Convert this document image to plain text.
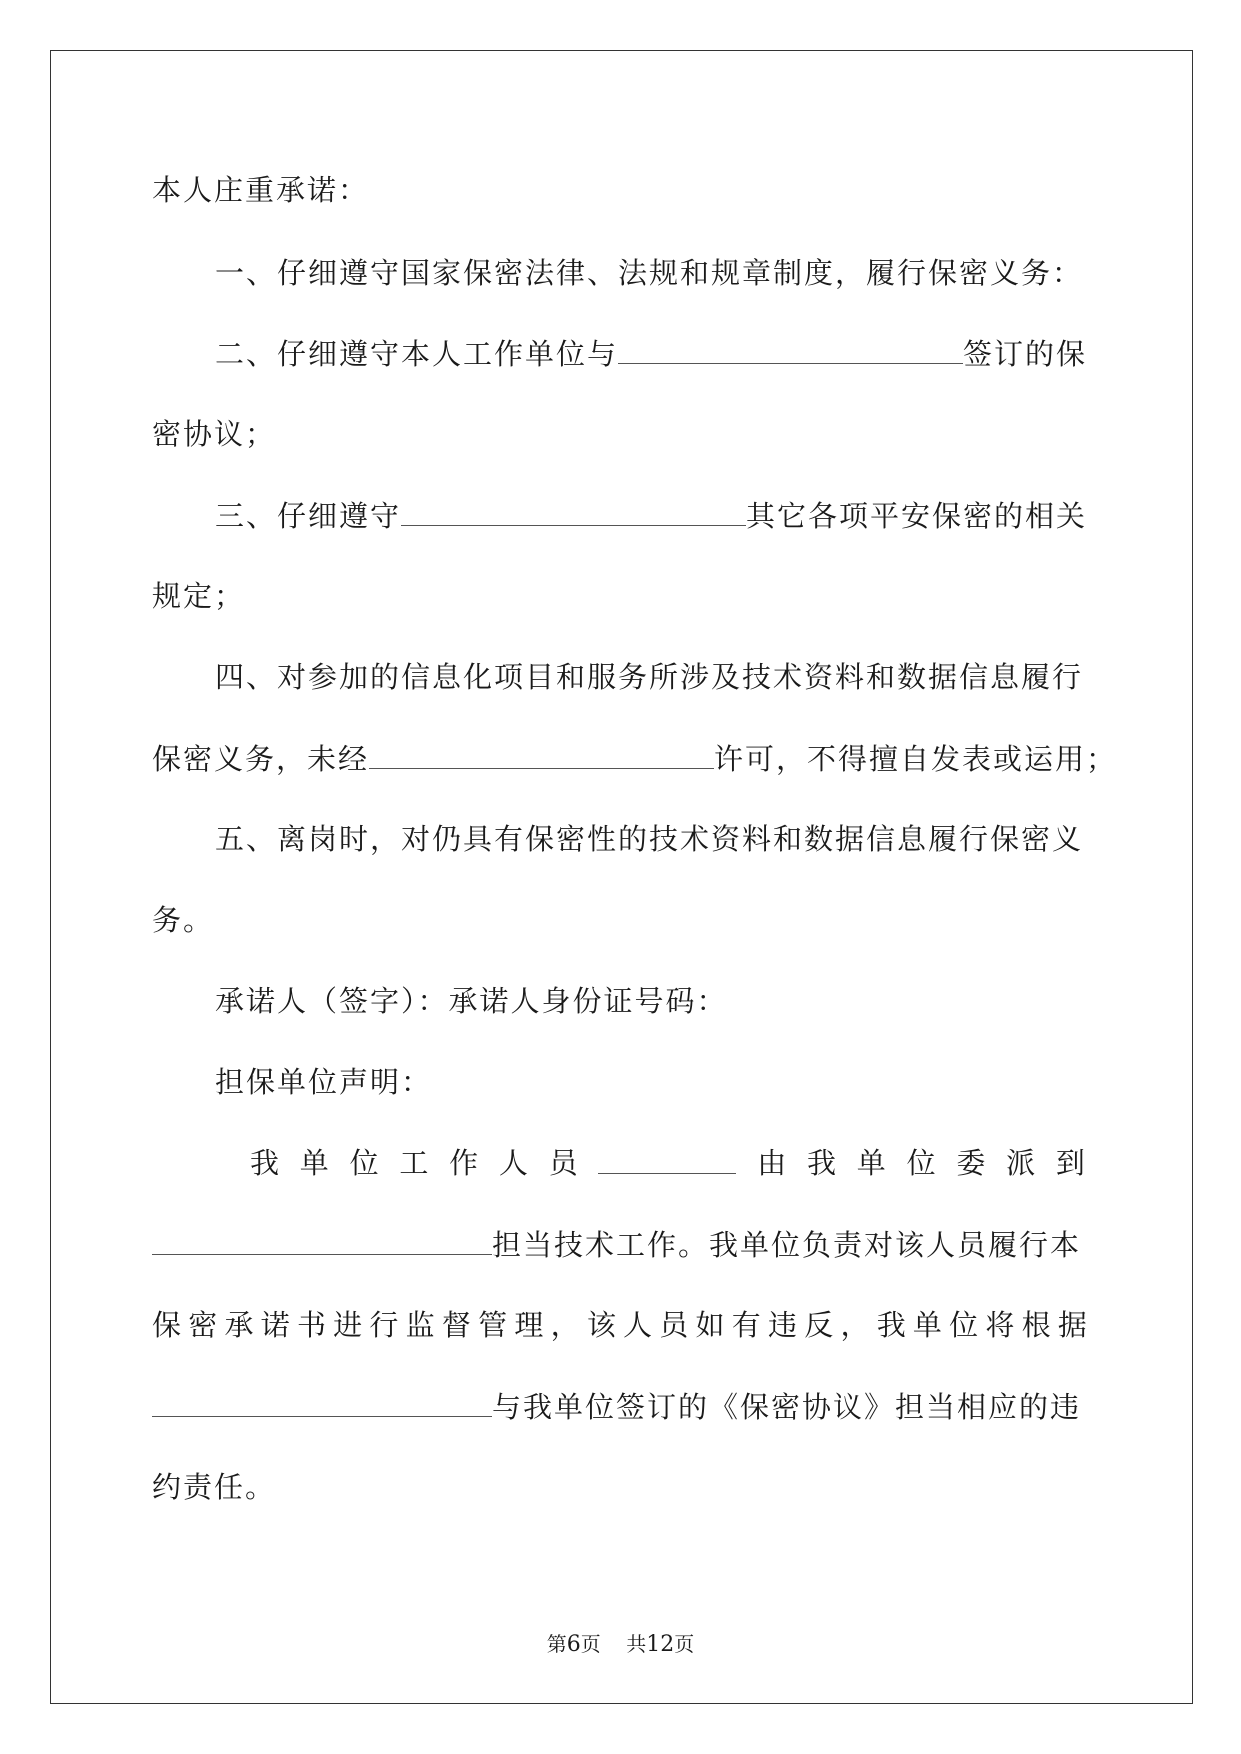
本人庄重承诺：
一、仔细遵守国家保密法律、法规和规章制度，履行保密义务：
二、仔细遵守本人工作单位与	签订的保
密协议；
三、仔细遵守	其它各项平安保密的相关
规定；
四、对参加的信息化项目和服务所涉及技术资料和数据信息履行
保密义务，未经	许可，不得擅自发表或运用；
五、离岗时，对仍具有保密性的技术资料和数据信息履行保密义
务。
承诺人（签字）：承诺人身份证号码：
担保单位声明：
我 单 位 工 作 人 员	由 我 单 位 委 派 到
担当技术工作。我单位负责对该人员履行本
保 密 承 诺 书 进 行 监 督 管 理 ， 该 人 员 如 有 违 反 ， 我 单 位 将 根 据
与我单位签订的《保密协议》担当相应的违
约责任。
第6页 共12页
